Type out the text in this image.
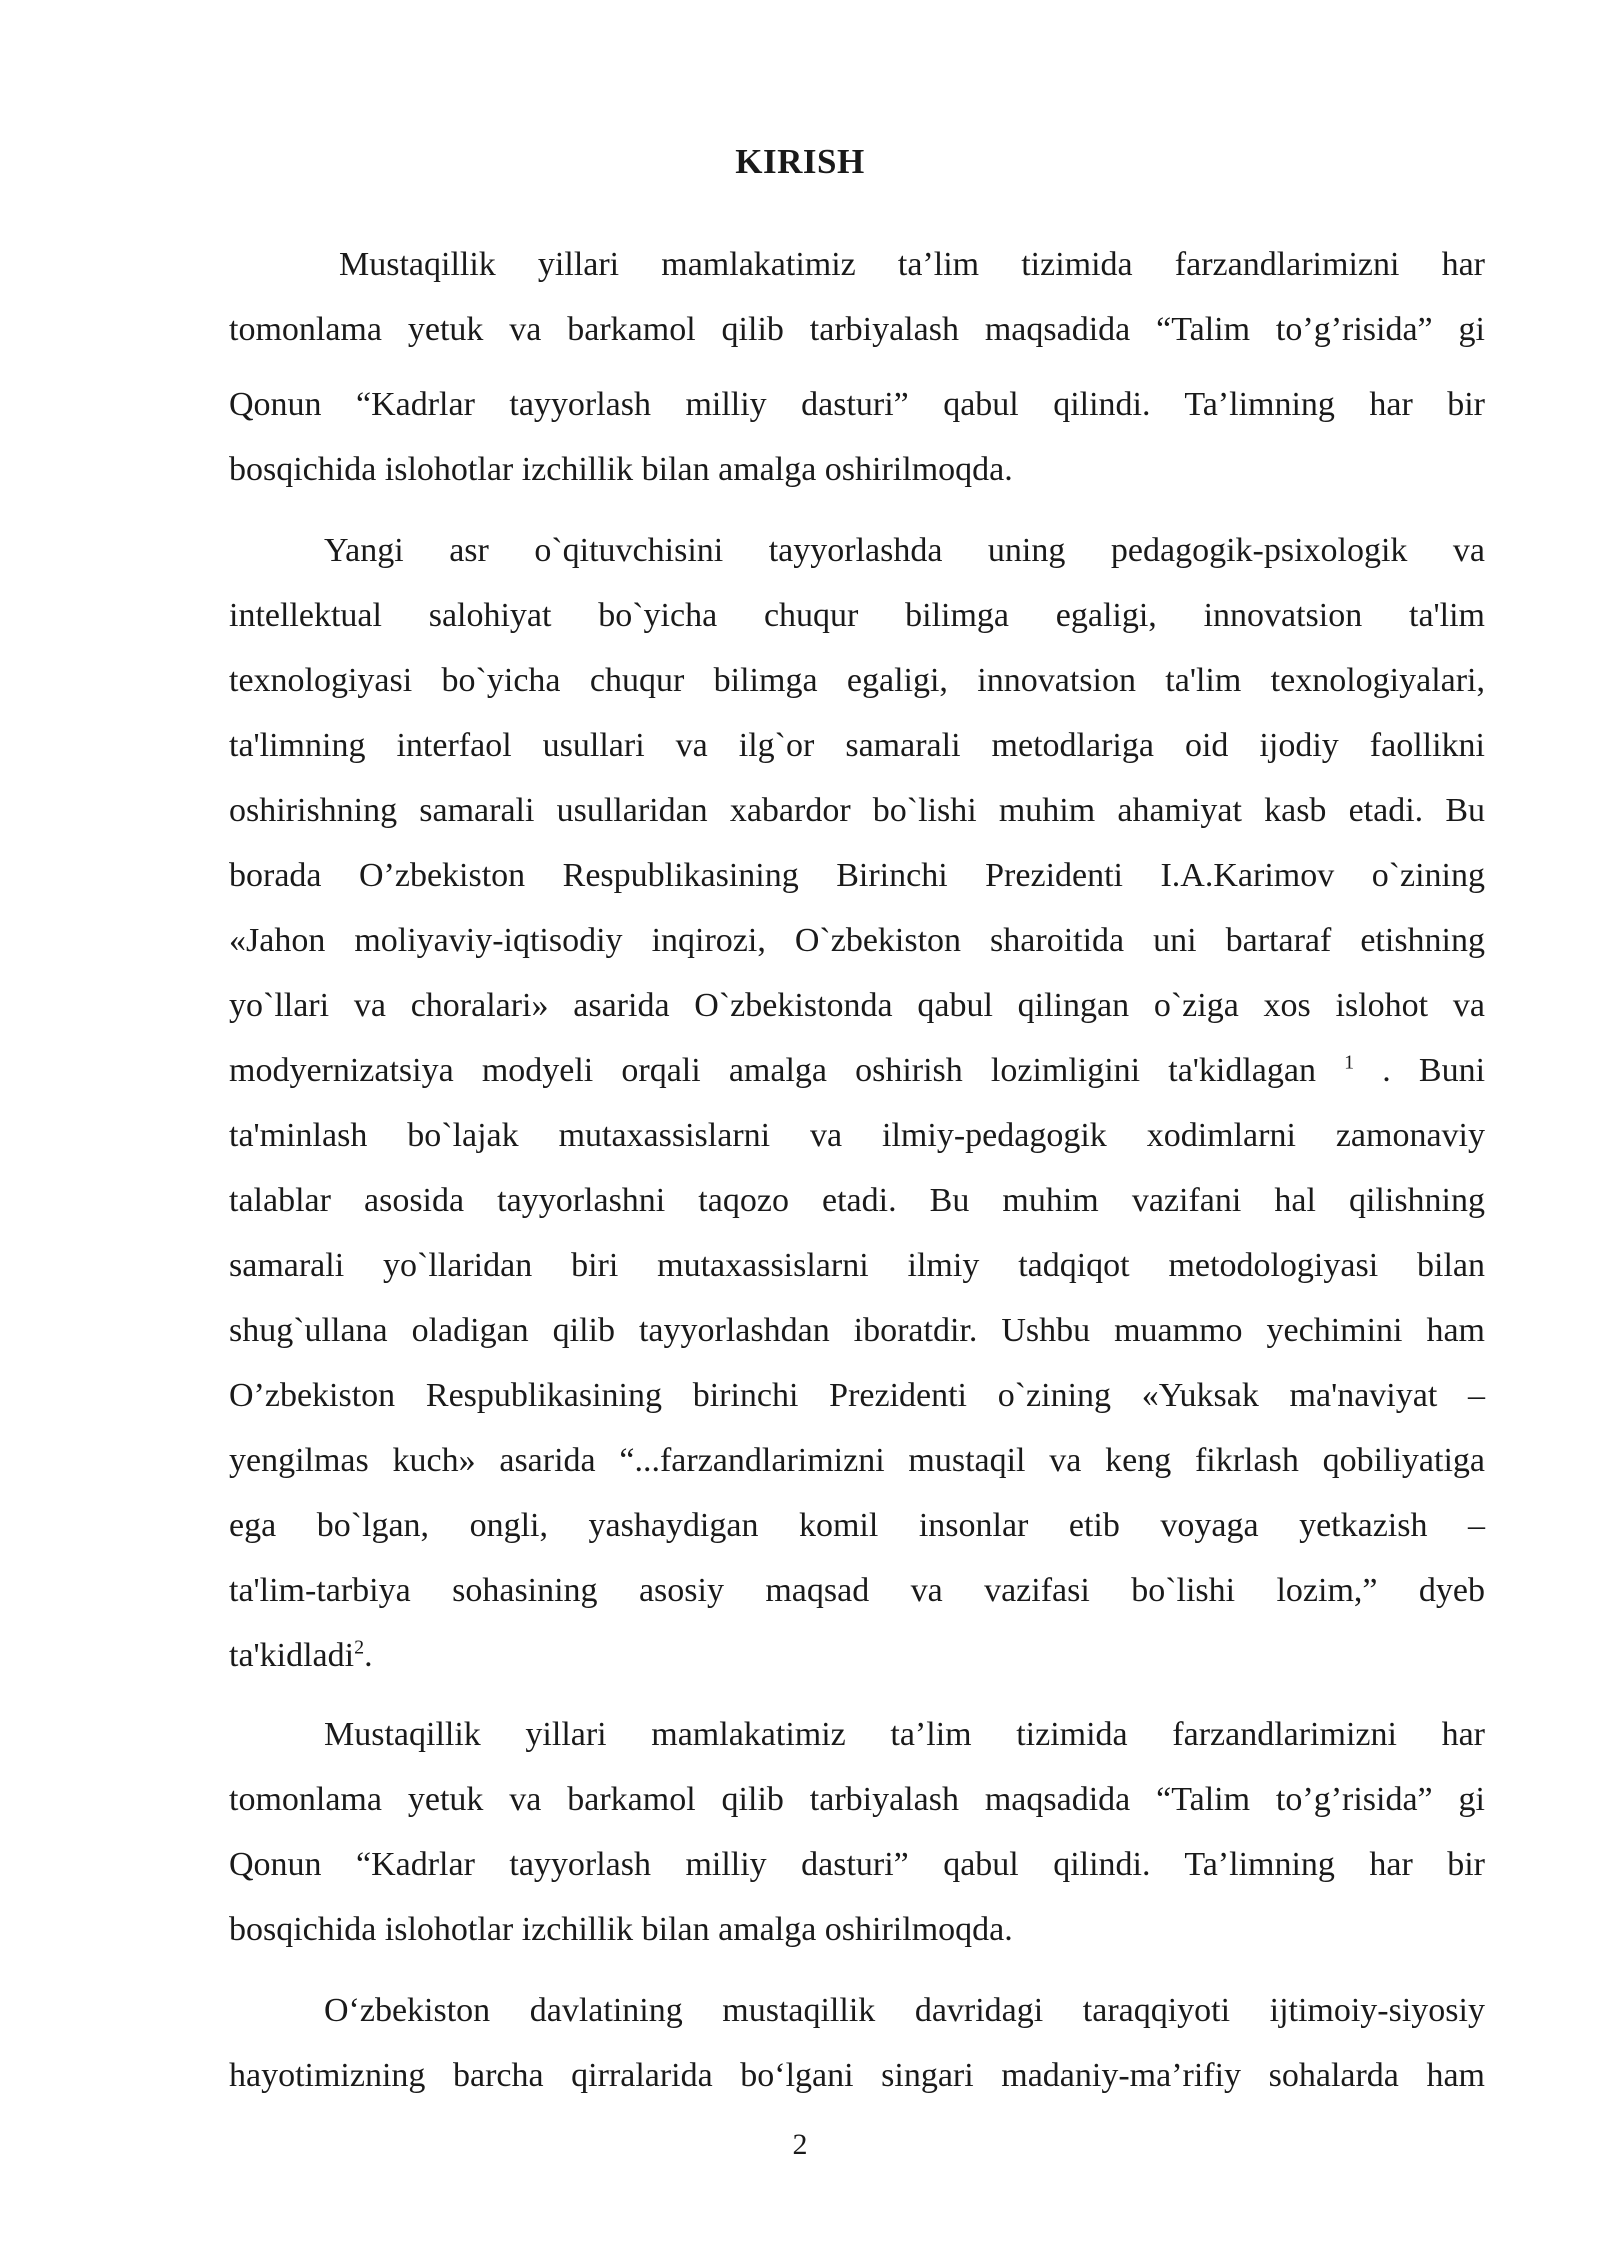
KIRISH
Mustaqillik yillari mamlakatimiz ta’lim tizimida farzandlarimizni har
tomonlama yetuk va barkamol qilib tarbiyalash maqsadida “Talim to’g’risida” gi
Qonun “Kadrlar tayyorlash milliy dasturi” qabul qilindi. Ta’limning har bir
bosqichida islohotlar izchillik bilan amalga oshirilmoqda.
Yangi asr o`qituvchisini tayyorlashda uning pedagogik-psixologik va
intellektual salohiyat bo`yicha chuqur bilimga egaligi, innovatsion ta'lim
texnologiyasi bo`yicha chuqur bilimga egaligi, innovatsion ta'lim texnologiyalari,
ta'limning interfaol usullari va ilg`or samarali metodlariga oid ijodiy faollikni
oshirishning samarali usullaridan xabardor bo`lishi muhim ahamiyat kasb etadi. Bu
borada O’zbekiston Respublikasining Birinchi Prezidenti I.A.Karimov o`zining
«Jahon moliyaviy-iqtisodiy inqirozi, O`zbekiston sharoitida uni bartaraf etishning
yo`llari va choralari» asarida O`zbekistonda qabul qilingan o`ziga xos islohot va
modyernizatsiya modyeli orqali amalga oshirish lozimligini ta'kidlagan $^1$ . Buni
ta'minlash bo`lajak mutaxassislarni va ilmiy-pedagogik xodimlarni zamonaviy
talablar asosida tayyorlashni taqozo etadi. Bu muhim vazifani hal qilishning
samarali yo`llaridan biri mutaxassislarni ilmiy tadqiqot metodologiyasi bilan
shug`ullana oladigan qilib tayyorlashdan iboratdir. Ushbu muammo yechimini ham
O’zbekiston Respublikasining birinchi Prezidenti o`zining «Yuksak ma'naviyat –
yengilmas kuch» asarida “...farzandlarimizni mustaqil va keng fikrlash qobiliyatiga
ega bo`lgan, ongli, yashaydigan komil insonlar etib voyaga yetkazish –
ta'lim-tarbiya sohasining asosiy maqsad va vazifasi bo`lishi lozim,” dyeb
ta'kidladi$^2$.
Mustaqillik yillari mamlakatimiz ta’lim tizimida farzandlarimizni har
tomonlama yetuk va barkamol qilib tarbiyalash maqsadida “Talim to’g’risida” gi
Qonun “Kadrlar tayyorlash milliy dasturi” qabul qilindi. Ta’limning har bir
bosqichida islohotlar izchillik bilan amalga oshirilmoqda.
O‘zbekiston davlatining mustaqillik davridagi taraqqiyoti ijtimoiy-siyosiy
hayotimizning barcha qirralarida bo‘lgani singari madaniy-ma’rifiy sohalarda ham
2
